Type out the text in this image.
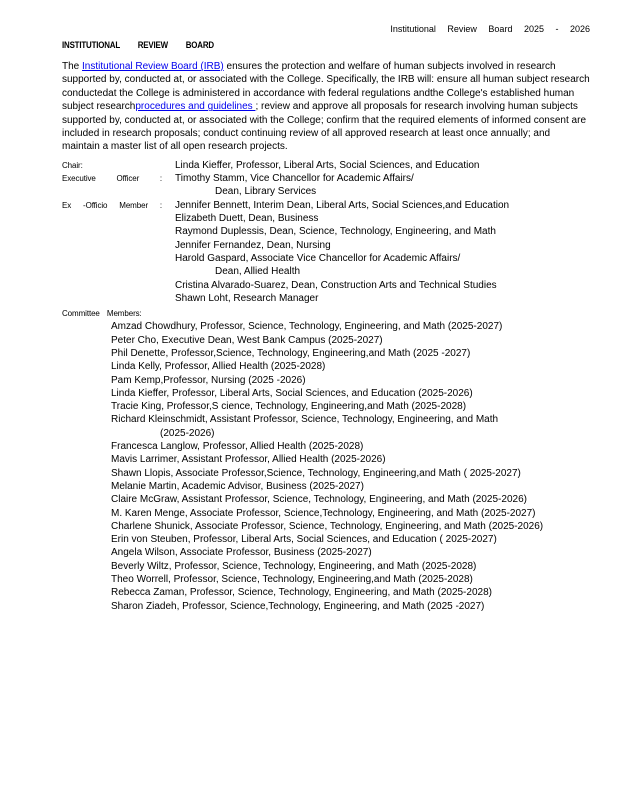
Institutional Review Board 2025 - 2026
INSTITUTIONAL REVIEW BOARD

The Institutional Review Board (IRB) ensures the protection and welfare of human subjects involved in research supported by, conducted at, or associated with the College. Specifically, the IRB will: ensure all human subject research conductedat the College is administered in accordance with federal regulations andthe College's established human subject researchprocedures and guidelines ; review and approve all proposals for research involving human subjects supported by, conducted at, or associated with the College; confirm that the required elements of informed consent are included in research proposals; conduct continuing review of all approved research at least once annually; and maintain a master list of all open research projects.

Chair:	Linda Kieffer, Professor, Liberal Arts, Social Sciences, and Education
Executive Officer : Timothy Stamm, Vice Chancellor for Academic Affairs/
Dean, Library Services
Ex -Officio Member : Jennifer Bennett, Interim Dean, Liberal Arts, Social Sciences,and Education
Elizabeth Duett, Dean, Business
Raymond Duplessis, Dean, Science, Technology, Engineering, and Math
Jennifer Fernandez, Dean, Nursing
Harold Gaspard, Associate Vice Chancellor for Academic Affairs/
Dean, Allied Health
Cristina Alvarado-Suarez, Dean, Construction Arts and Technical Studies
Shawn Loht, Research Manager
Committee Members:
Amzad Chowdhury, Professor, Science, Technology, Engineering, and Math (2025-2027)
Peter Cho, Executive Dean, West Bank Campus (2025-2027)
Phil Denette, Professor,Science, Technology, Engineering,and Math (2025 -2027)
Linda Kelly, Professor, Allied Health (2025-2028)
Pam Kemp,Professor, Nursing (2025 -2026)
Linda Kieffer, Professor, Liberal Arts, Social Sciences, and Education (2025-2026)
Tracie King, Professor,S cience, Technology, Engineering,and Math (2025-2028)
Richard Kleinschmidt, Assistant Professor, Science, Technology, Engineering, and Math
(2025-2026)
Francesca Langlow, Professor, Allied Health (2025-2028)
Mavis Larrimer, Assistant Professor, Allied Health (2025-2026)
Shawn Llopis, Associate Professor,Science, Technology, Engineering,and Math ( 2025-2027)
Melanie Martin, Academic Advisor, Business (2025-2027)
Claire McGraw, Assistant Professor, Science, Technology, Engineering, and Math (2025-2026)
M. Karen Menge, Associate Professor, Science,Technology, Engineering, and Math (2025-2027)
Charlene Shunick, Associate Professor, Science, Technology, Engineering, and Math (2025-2026)
Erin von Steuben, Professor, Liberal Arts, Social Sciences, and Education ( 2025-2027)
Angela Wilson, Associate Professor, Business (2025-2027)
Beverly Wiltz, Professor, Science, Technology, Engineering, and Math (2025-2028)
Theo Worrell, Professor, Science, Technology, Engineering,and Math (2025-2028)
Rebecca Zaman, Professor, Science, Technology, Engineering, and Math (2025-2028)
Sharon Ziadeh, Professor, Science,Technology, Engineering, and Math (2025 -2027)
